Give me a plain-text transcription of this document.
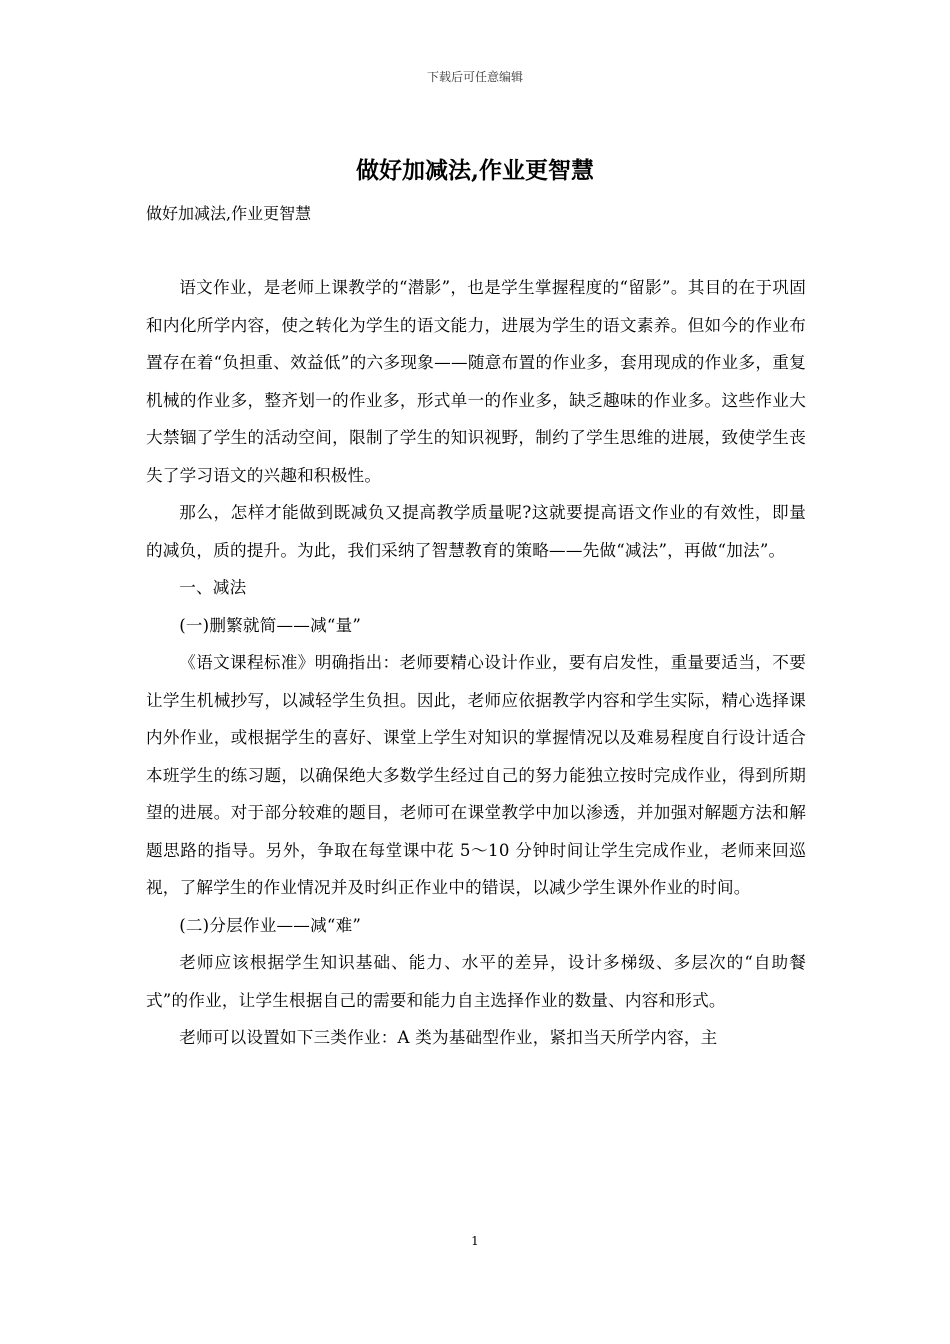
下载后可任意编辑
做好加减法,作业更智慧

做好加减法,作业更智慧

语文作业，是老师上课教学的“潜影”，也是学生掌握程度的“留影”。其目的在于巩固和内化所学内容，使之转化为学生的语文能力，进展为学生的语文素养。但如今的作业布置存在着“负担重、效益低”的六多现象——随意布置的作业多，套用现成的作业多，重复机械的作业多，整齐划一的作业多，形式单一的作业多，缺乏趣味的作业多。这些作业大大禁锢了学生的活动空间，限制了学生的知识视野，制约了学生思维的进展，致使学生丧失了学习语文的兴趣和积极性。

那么，怎样才能做到既减负又提高教学质量呢?这就要提高语文作业的有效性，即量的减负，质的提升。为此，我们采纳了智慧教育的策略——先做“减法”，再做“加法”。

一、减法

(一)删繁就简——减“量”

《语文课程标准》明确指出：老师要精心设计作业，要有启发性，重量要适当，不要让学生机械抄写，以减轻学生负担。因此，老师应依据教学内容和学生实际，精心选择课内外作业，或根据学生的喜好、课堂上学生对知识的掌握情况以及难易程度自行设计适合本班学生的练习题，以确保绝大多数学生经过自己的努力能独立按时完成作业，得到所期望的进展。对于部分较难的题目，老师可在课堂教学中加以渗透，并加强对解题方法和解题思路的指导。另外，争取在每堂课中花 5～10 分钟时间让学生完成作业，老师来回巡视，了解学生的作业情况并及时纠正作业中的错误，以减少学生课外作业的时间。

(二)分层作业——减“难”

老师应该根据学生知识基础、能力、水平的差异，设计多梯级、多层次的“自助餐式”的作业，让学生根据自己的需要和能力自主选择作业的数量、内容和形式。

老师可以设置如下三类作业：A 类为基础型作业，紧扣当天所学内容，主

1
